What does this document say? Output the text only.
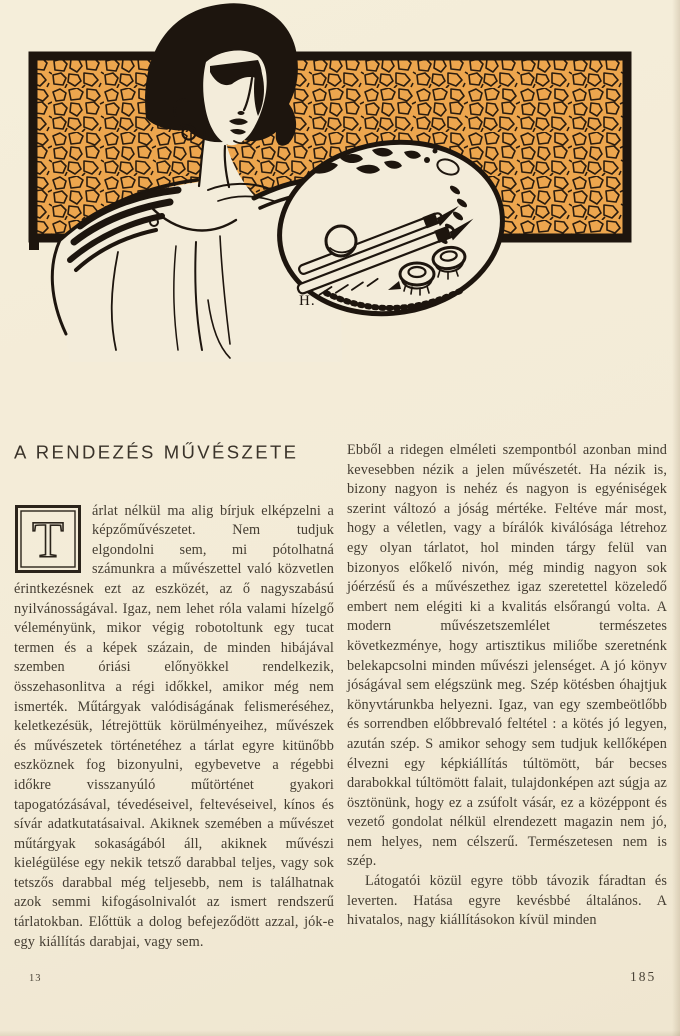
H.
A RENDEZÉS MŰVÉSZETE
T

árlat nélkül ma alig bírjuk elképzelni a képzőművészetet. Nem tudjuk elgondolni sem, mi pótolhatná számunkra a művészettel való közvetlen érintkezésnek ezt az eszközét, az ő nagyszabású nyilvánosságával. Igaz, nem lehet róla valami hízelgő véleményünk, mikor végig robotoltunk egy tucat termen és a képek százain, de minden hibájával szemben óriási előnyökkel rendelkezik, összehasonlitva a régi időkkel, amikor még nem ismerték. Műtárgyak valódiságának felismeréséhez, keletkezésük, létrejöttük körülményeihez, művészek és művészetek történetéhez a tárlat egyre kitünőbb eszköznek fog bizonyulni, egybevetve a régebbi időkre visszanyúló műtörténet gyakori tapogatózásával, tévedéseivel, feltevéseivel, kínos és sívár adatkutatásaival. Akiknek szemében a művészet műtárgyak sokaságából áll, akiknek művészi kielégülése egy nekik tetsző darabbal teljes, vagy sok tetszős darabbal még teljesebb, nem is találhatnak azok semmi kifogásolnivalót az ismert rendszerű tárlatokban. Előttük a dolog befejeződött azzal, jók-e egy kiállítás darabjai, vagy sem.

Ebből a ridegen elméleti szempontból azonban mind kevesebben nézik a jelen művészetét. Ha nézik is, bizony nagyon is nehéz és nagyon is egyéniségek szerint változó a jóság mértéke. Feltéve már most, hogy a véletlen, vagy a bírálók kiválósága létrehoz egy olyan tárlatot, hol minden tárgy felül van bizonyos előkelő nivón, még mindig nagyon sok jóérzésű és a művészethez igaz szeretettel közeledő embert nem elégiti ki a kvalitás elsőrangú volta. A modern művészetszemlélet természetes következménye, hogy artisztikus miliőbe szeretnénk belekapcsolni minden művészi jelenséget. A jó könyv jóságával sem elégszünk meg. Szép kötésben óhajtjuk könyvtárunkba helyezni. Igaz, van egy szembeötlőbb és sorrendben előbbrevaló feltétel : a kötés jó legyen, azután szép. S amikor sehogy sem tudjuk kellőképen élvezni egy képkiállítás túltömött, bár becses darabokkal túltömött falait, tulajdonképen azt súgja az ösztönünk, hogy ez a zsúfolt vásár, ez a középpont és vezető gondolat nélkül elrendezett magazin nem jó, nem helyes, nem célszerű. Természetesen nem is szép.

Látogatói közül egyre több távozik fáradtan és leverten. Hatása egyre kevésbbé általános. A hivatalos, nagy kiállításokon kívül minden

13	185
